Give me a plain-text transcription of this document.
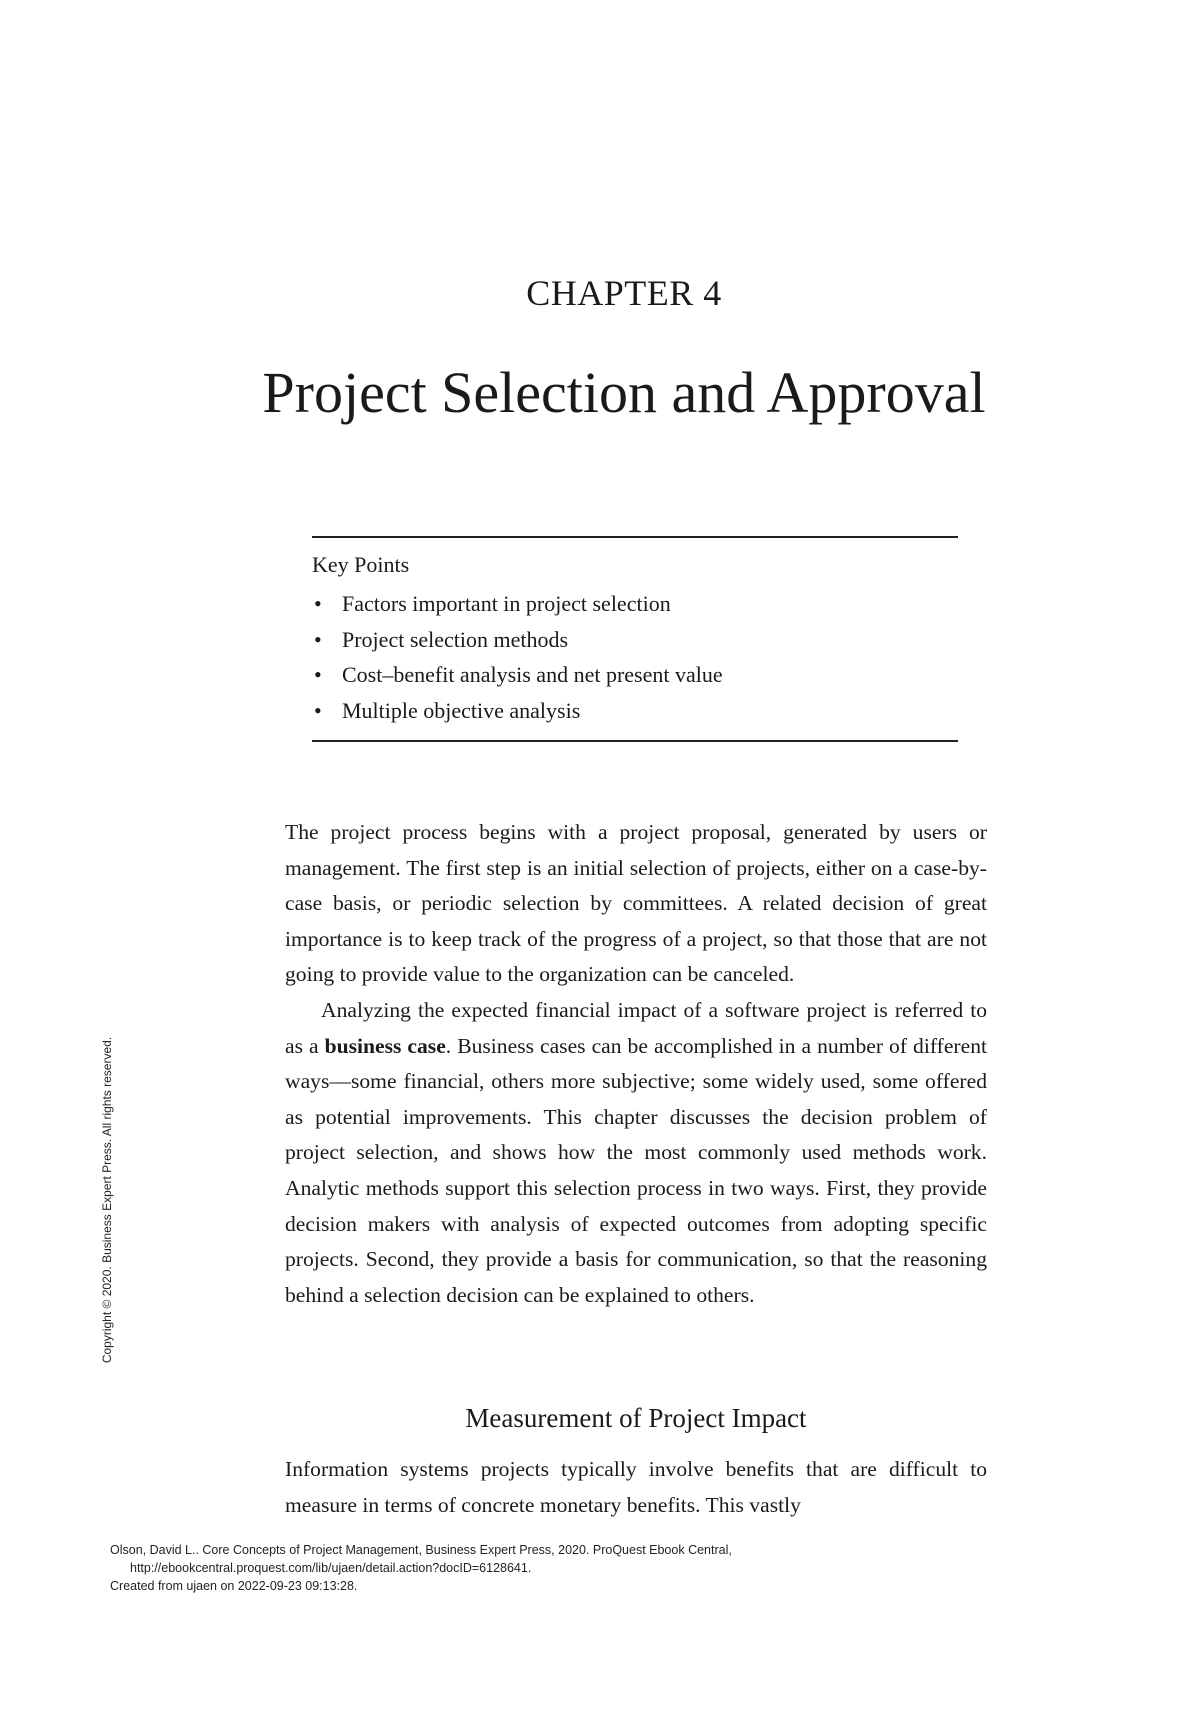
CHAPTER 4
Project Selection and Approval
Key Points
• Factors important in project selection
• Project selection methods
• Cost–benefit analysis and net present value
• Multiple objective analysis

The project process begins with a project proposal, generated by users or management. The first step is an initial selection of projects, either on a case-by-case basis, or periodic selection by committees. A related decision of great importance is to keep track of the progress of a project, so that those that are not going to provide value to the organization can be canceled.

Analyzing the expected financial impact of a software project is referred to as a business case. Business cases can be accomplished in a number of different ways—some financial, others more subjective; some widely used, some offered as potential improvements. This chapter discusses the decision problem of project selection, and shows how the most commonly used methods work. Analytic methods support this selection process in two ways. First, they provide decision makers with analysis of expected outcomes from adopting specific projects. Second, they provide a basis for communication, so that the reasoning behind a selection decision can be explained to others.

Measurement of Project Impact

Information systems projects typically involve benefits that are difficult to measure in terms of concrete monetary benefits. This vastly

Copyright © 2020. Business Expert Press. All rights reserved.
Olson, David L.. Core Concepts of Project Management, Business Expert Press, 2020. ProQuest Ebook Central,
http://ebookcentral.proquest.com/lib/ujaen/detail.action?docID=6128641.
Created from ujaen on 2022-09-23 09:13:28.
